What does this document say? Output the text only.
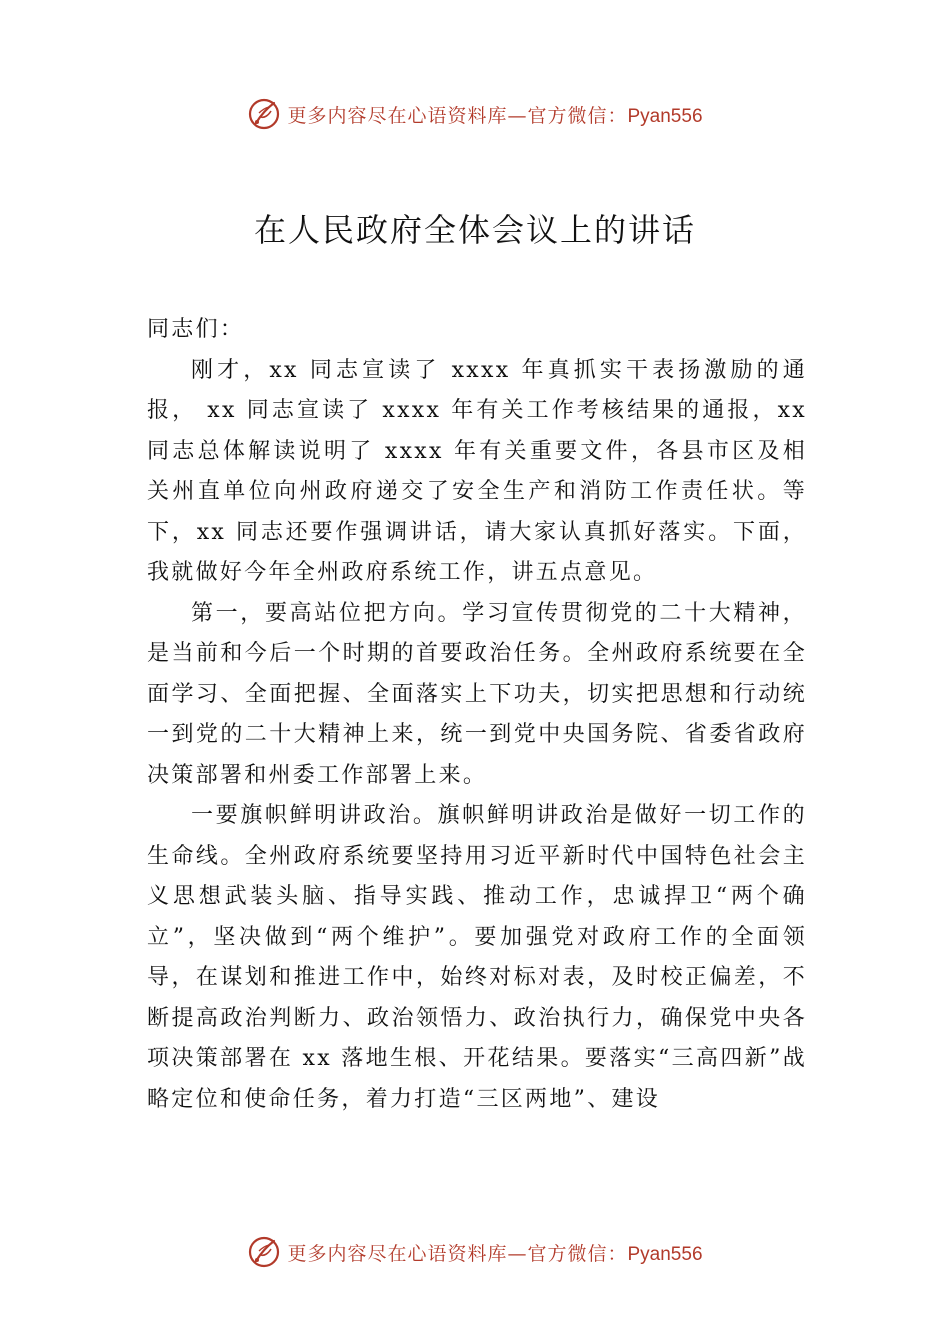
更多内容尽在心语资料库—官方微信：Pyan556
在人民政府全体会议上的讲话

同志们：

刚才，xx 同志宣读了 xxxx 年真抓实干表扬激励的通报， xx 同志宣读了 xxxx 年有关工作考核结果的通报，xx 同志总体解读说明了 xxxx 年有关重要文件，各县市区及相关州直单位向州政府递交了安全生产和消防工作责任状。等下，xx 同志还要作强调讲话，请大家认真抓好落实。下面，我就做好今年全州政府系统工作，讲五点意见。

第一，要高站位把方向。学习宣传贯彻党的二十大精神，是当前和今后一个时期的首要政治任务。全州政府系统要在全面学习、全面把握、全面落实上下功夫，切实把思想和行动统一到党的二十大精神上来，统一到党中央国务院、省委省政府决策部署和州委工作部署上来。

一要旗帜鲜明讲政治。旗帜鲜明讲政治是做好一切工作的生命线。全州政府系统要坚持用习近平新时代中国特色社会主义思想武装头脑、指导实践、推动工作，忠诚捍卫“两个确立”，坚决做到“两个维护”。要加强党对政府工作的全面领导，在谋划和推进工作中，始终对标对表，及时校正偏差，不断提高政治判断力、政治领悟力、政治执行力，确保党中央各项决策部署在 xx 落地生根、开花结果。要落实“三高四新”战略定位和使命任务，着力打造“三区两地”、建设

更多内容尽在心语资料库—官方微信：Pyan556
